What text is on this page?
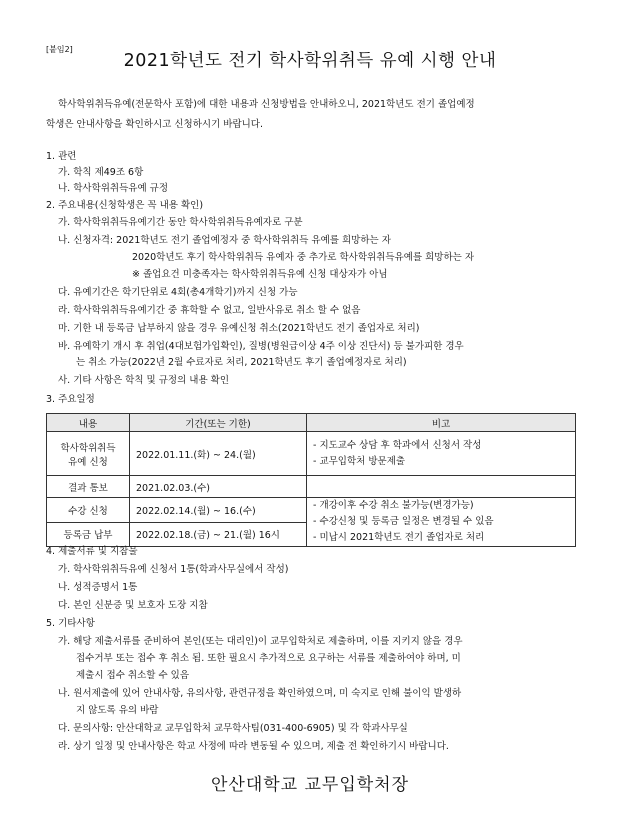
[붙임2]
2021학년도 전기 학사학위취득 유예 시행 안내
학사학위취득유예(전문학사 포함)에 대한 내용과 신청방법을 안내하오니, 2021학년도 전기 졸업예정
학생은 안내사항을 확인하시고 신청하시기 바랍니다.
1. 관련
가. 학칙 제49조 6항
나. 학사학위취득유예 규정
2. 주요내용(신청학생은 꼭 내용 확인)
가. 학사학위취득유예기간 동안 학사학위취득유예자로 구분
나. 신청자격: 2021학년도 전기 졸업예정자 중 학사학위취득 유예를 희망하는 자
2020학년도 후기 학사학위취득 유예자 중 추가로 학사학위취득유예를 희망하는 자
※ 졸업요건 미충족자는 학사학위취득유예 신청 대상자가 아님
다. 유예기간은 학기단위로 4회(총4개학기)까지 신청 가능
라. 학사학위취득유예기간 중 휴학할 수 없고, 일반사유로 취소 할 수 없음
마. 기한 내 등록금 납부하지 않을 경우 유예신청 취소(2021학년도 전기 졸업자로 처리)
바. 유예학기 개시 후 취업(4대보험가입확인), 질병(병원급이상 4주 이상 진단서) 등 불가피한 경우
는 취소 가능(2022년 2월 수료자로 처리, 2021학년도 후기 졸업예정자로 처리)
사. 기타 사항은 학칙 및 규정의 내용 확인
3. 주요일정
내용	기간(또는 기한)	비고

학사학위취득
유예 신청	2022.01.11.(화) ~ 24.(월)	- 지도교수 상담 후 학과에서 신청서 작성
- 교무입학처 방문제출

결과 통보	2021.02.03.(수)	
수강 신청	2022.02.14.(월) ~ 16.(수)	- 개강이후 수강 취소 불가능(변경가능)
- 수강신청 및 등록금 일정은 변경될 수 있음
- 미납시 2021학년도 전기 졸업자로 처리

등록금 납부	2022.02.18.(금) ~ 21.(월) 16시	
4. 제출서류 및 지참물
가. 학사학위취득유예 신청서 1통(학과사무실에서 작성)
나. 성적증명서 1통
다. 본인 신분증 및 보호자 도장 지참
5. 기타사항
가. 해당 제출서류를 준비하여 본인(또는 대리인)이 교무입학처로 제출하며, 이를 지키지 않을 경우
접수거부 또는 접수 후 취소 됨. 또한 필요시 추가적으로 요구하는 서류를 제출하여야 하며, 미
제출시 접수 취소할 수 있음
나. 원서제출에 있어 안내사항, 유의사항, 관련규정을 확인하였으며, 미 숙지로 인해 불이익 발생하
지 않도록 유의 바람
다. 문의사항: 안산대학교 교무입학처 교무학사팀(031-400-6905) 및 각 학과사무실
라. 상기 일정 및 안내사항은 학교 사정에 따라 변동될 수 있으며, 제출 전 확인하기시 바랍니다.
안산대학교 교무입학처장
